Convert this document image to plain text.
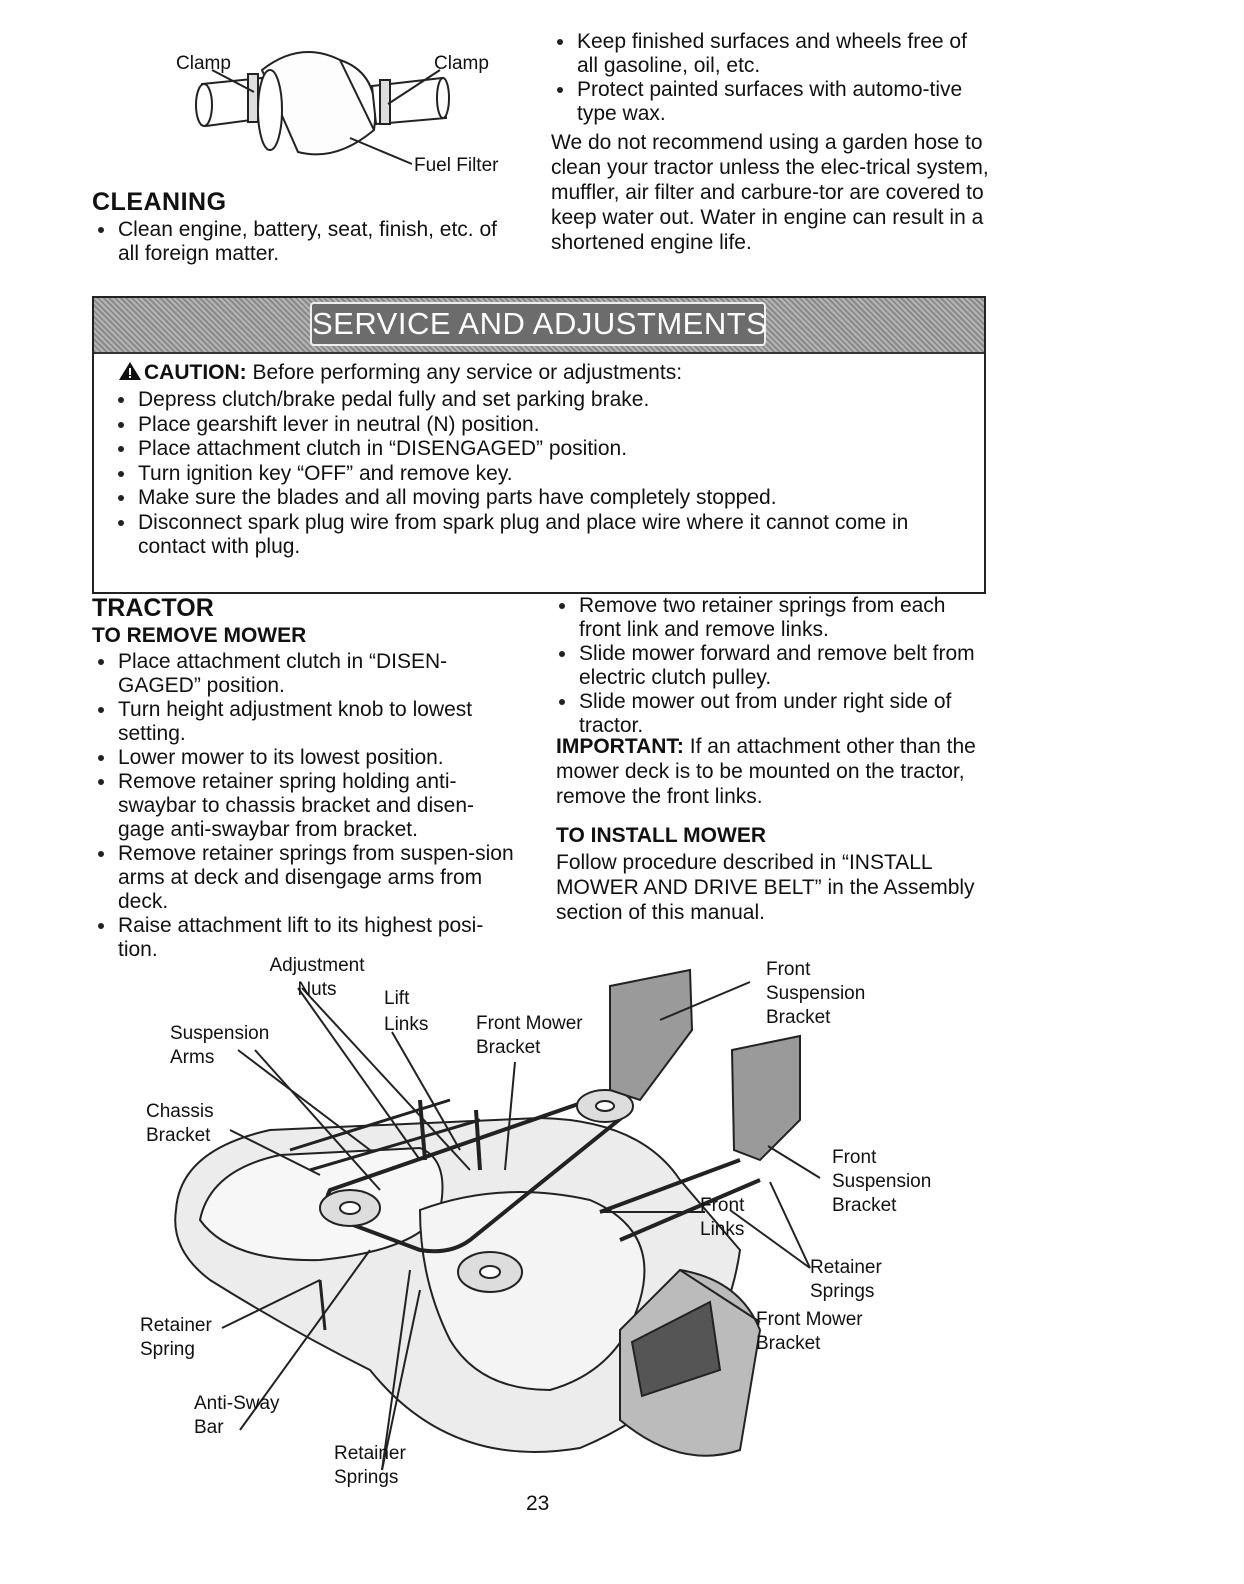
Clamp	Clamp
Fuel Filter
CLEANING
Clean engine, battery, seat, finish, etc. of all foreign matter.
Keep finished surfaces and wheels free of all gasoline, oil, etc.
Protect painted surfaces with automo-tive type wax.
We do not recommend using a garden hose to clean your tractor unless the elec-trical system, muffler, air filter and carbure-tor are covered to keep water out. Water in engine can result in a shortened engine life.
SERVICE AND ADJUSTMENTS
CAUTION: Before performing any service or adjustments:
Depress clutch/brake pedal fully and set parking brake.
Place gearshift lever in neutral (N) position.
Place attachment clutch in “DISENGAGED” position.
Turn ignition key “OFF” and remove key.
Make sure the blades and all moving parts have completely stopped.
Disconnect spark plug wire from spark plug and place wire where it cannot come in contact with plug.
TRACTOR
TO REMOVE MOWER
Place attachment clutch in “DISEN-GAGED” position.
Turn height adjustment knob to lowest setting.
Lower mower to its lowest position.
Remove retainer spring holding anti-swaybar to chassis bracket and disen-gage anti-swaybar from bracket.
Remove retainer springs from suspen-sion arms at deck and disengage arms from deck.
Raise attachment lift to its highest posi-tion.
Remove two retainer springs from each front link and remove links.
Slide mower forward and remove belt from electric clutch pulley.
Slide mower out from under right side of tractor.
IMPORTANT: If an attachment other than the mower deck is to be mounted on the tractor, remove the front links.
TO INSTALL MOWER
Follow procedure described in “INSTALL MOWER AND DRIVE BELT” in the Assembly section of this manual.
Adjustment Nuts	Lift Links	Front Mower Bracket
Suspension Arms
Chassis Bracket
Front Suspension Bracket
Front Suspension Bracket
Front Links
Retainer Springs
Front Mower Bracket
Retainer Spring
Anti-Sway Bar
Retainer Springs
23
